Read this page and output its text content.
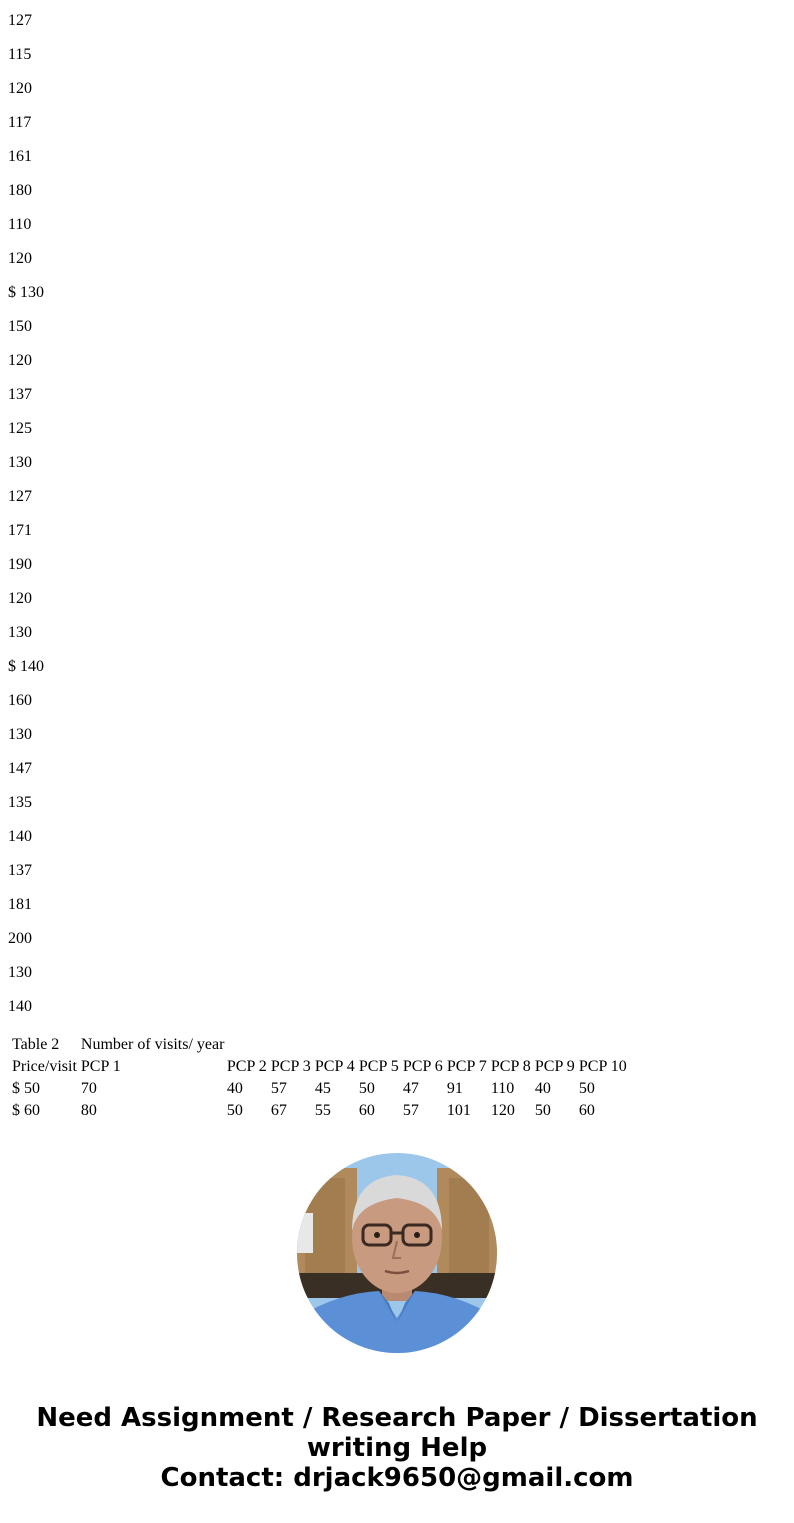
127

115

120

117

161

180

110

120

$ 130

150

120

137

125

130

127

171

190

120

130

$ 140

160

130

147

135

140

137

181

200

130

140

Table 2	Number of visits/ year									
Price/visit	PCP 1	PCP 2	PCP 3	PCP 4	PCP 5	PCP 6	PCP 7	PCP 8	PCP 9	PCP 10
$ 50	70	40	57	45	50	47	91	110	40	50
$ 60	80	50	67	55	60	57	101	120	50	60
Need Assignment / Research Paper / Dissertation
writing Help
Contact: drjack9650@gmail.com
